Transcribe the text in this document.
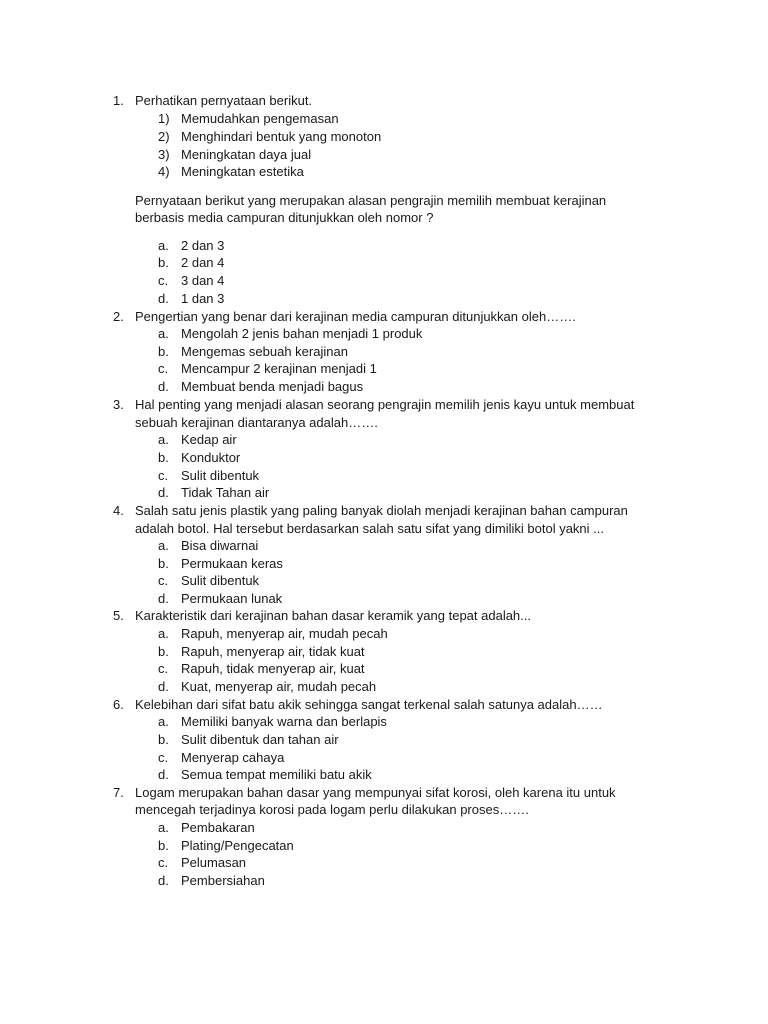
1. Perhatikan pernyataan berikut.
1) Memudahkan pengemasan
2) Menghindari bentuk yang monoton
3) Meningkatan daya jual
4) Meningkatan estetika
Pernyataan berikut yang merupakan alasan pengrajin memilih membuat kerajinan
berbasis media campuran ditunjukkan oleh nomor ?
a. 2 dan 3
b. 2 dan 4
c. 3 dan 4
d. 1 dan 3
2. Pengertian yang benar dari kerajinan media campuran ditunjukkan oleh…….
a. Mengolah 2 jenis bahan menjadi 1 produk
b. Mengemas sebuah kerajinan
c. Mencampur 2 kerajinan menjadi 1
d. Membuat benda menjadi bagus
3. Hal penting yang menjadi alasan seorang pengrajin memilih jenis kayu untuk membuat
sebuah kerajinan diantaranya adalah…….
a. Kedap air
b. Konduktor
c. Sulit dibentuk
d. Tidak Tahan air
4. Salah satu jenis plastik yang paling banyak diolah menjadi kerajinan bahan campuran
adalah botol. Hal tersebut berdasarkan salah satu sifat yang dimiliki botol yakni ...
a. Bisa diwarnai
b. Permukaan keras
c. Sulit dibentuk
d. Permukaan lunak
5. Karakteristik dari kerajinan bahan dasar keramik yang tepat adalah...
a. Rapuh, menyerap air, mudah pecah
b. Rapuh, menyerap air, tidak kuat
c. Rapuh, tidak menyerap air, kuat
d. Kuat, menyerap air, mudah pecah
6. Kelebihan dari sifat batu akik sehingga sangat terkenal salah satunya adalah……
a. Memiliki banyak warna dan berlapis
b. Sulit dibentuk dan tahan air
c. Menyerap cahaya
d. Semua tempat memiliki batu akik
7. Logam merupakan bahan dasar yang mempunyai sifat korosi, oleh karena itu untuk
mencegah terjadinya korosi pada logam perlu dilakukan proses…….
a. Pembakaran
b. Plating/Pengecatan
c. Pelumasan
d. Pembersiahan
